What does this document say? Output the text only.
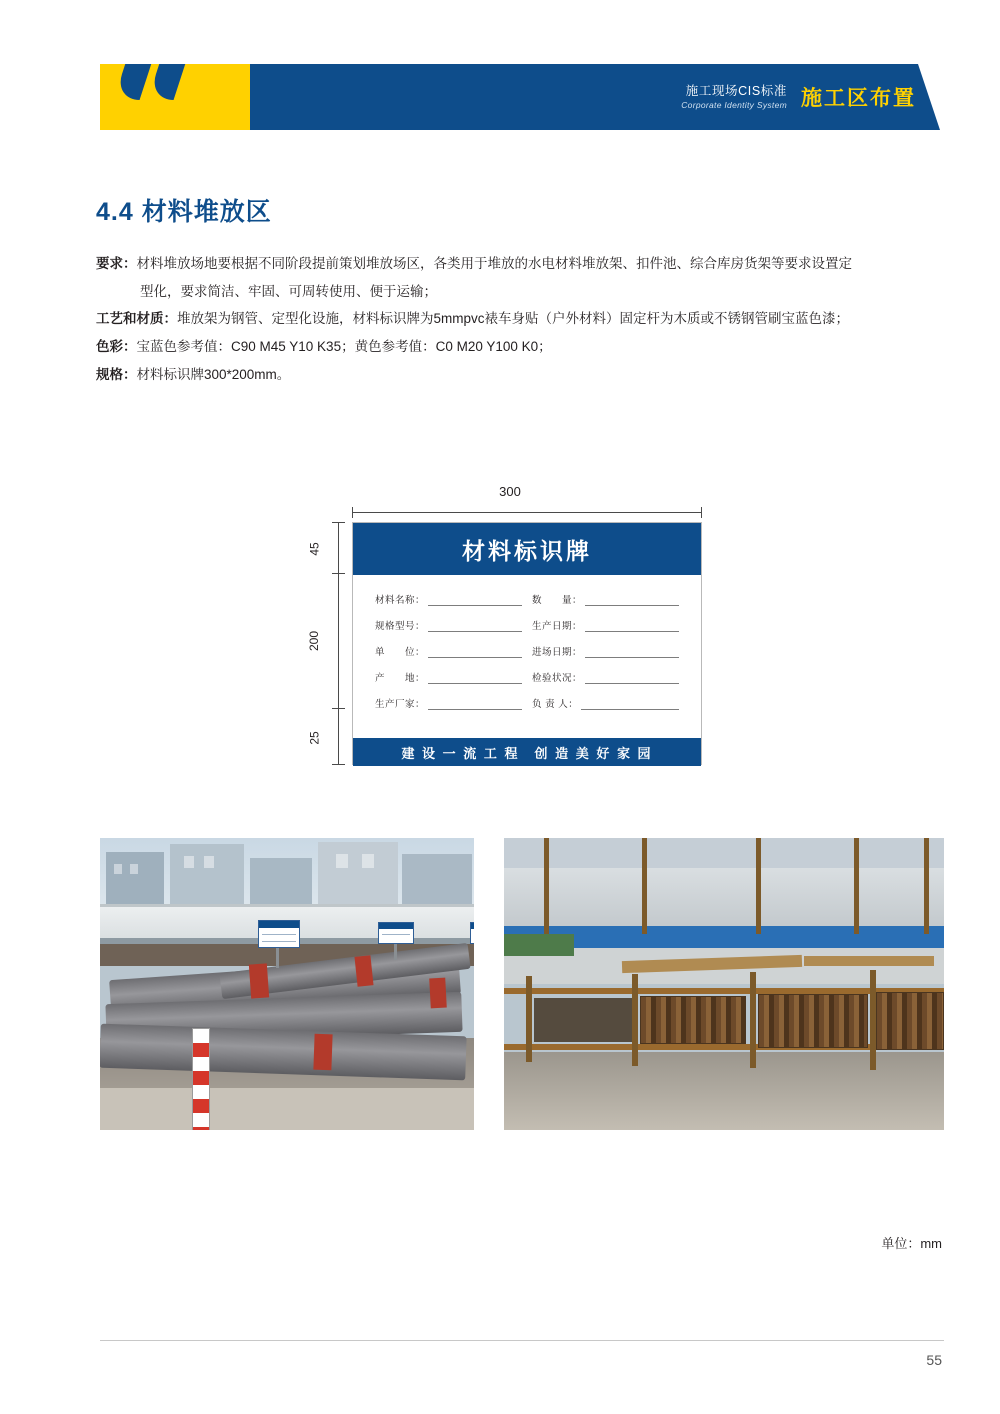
施工现场CIS标准
Corporate Identity System 施工区布置
4.4 材料堆放区
要求： 材料堆放场地要根据不同阶段提前策划堆放场区，各类用于堆放的水电材料堆放架、扣件池、综合库房货架等要求设置定
型化，要求简洁、牢固、可周转使用、便于运输；
工艺和材质： 堆放架为钢管、定型化设施，材料标识牌为5mmpvc裱车身贴（户外材料）固定杆为木质或不锈钢管刷宝蓝色漆；
色彩： 宝蓝色参考值：C90 M45 Y10 K35；黄色参考值：C0 M20 Y100 K0；
规格： 材料标识牌300*200mm。
300
45
200
25
材料标识牌
材料名称：
规格型号：
单　　位：
产　　地：
生产厂家：
数　　量：
生产日期：
进场日期：
检验状况：
负 责 人：
建 设 一 流 工 程　创 造 美 好 家 园
单位：mm
55
